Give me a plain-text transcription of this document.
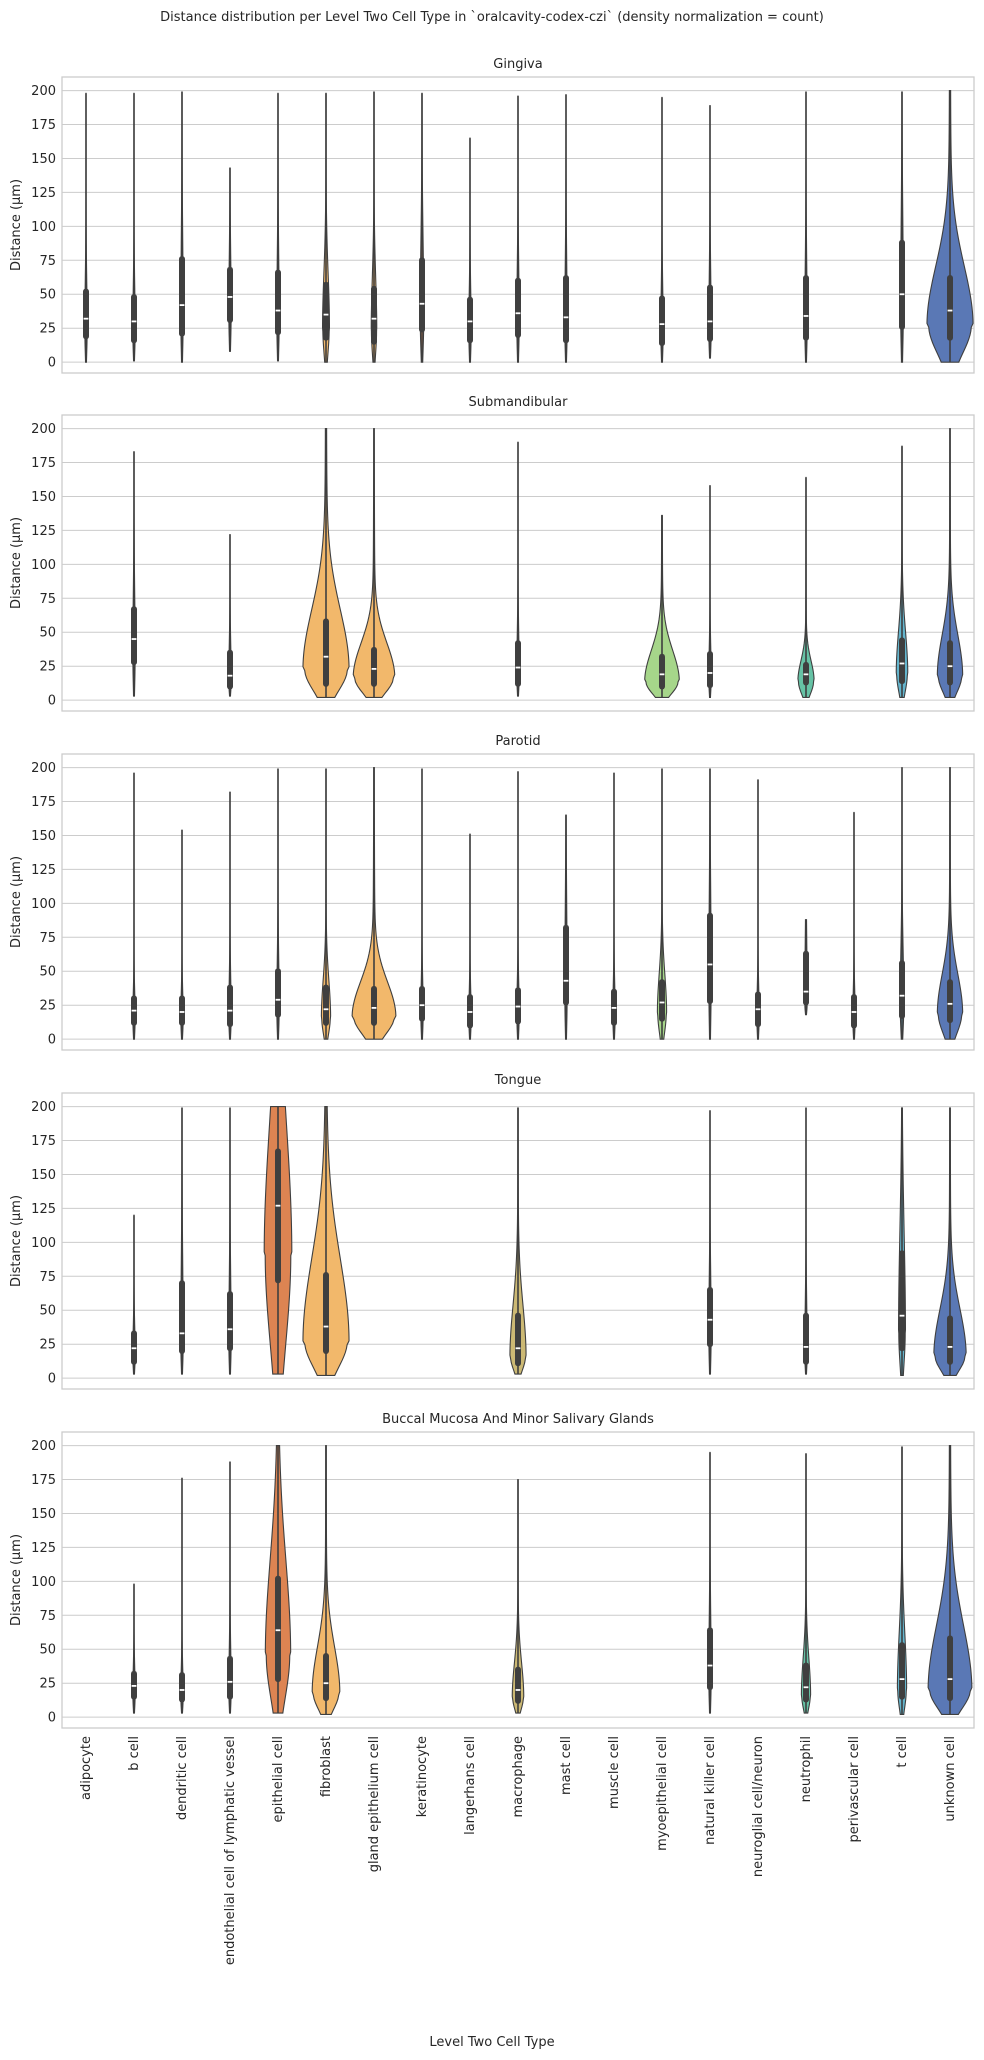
Distance distribution per Level Two Cell Type in `oralcavity-codex-czi` (density normalization = count)
0
25
50
75
100
125
150
175
200
Gingiva
Distance (µm)
0
25
50
75
100
125
150
175
200
Submandibular
Distance (µm)
0
25
50
75
100
125
150
175
200
Parotid
Distance (µm)
0
25
50
75
100
125
150
175
200
Tongue
Distance (µm)
0
25
50
75
100
125
150
175
200
Buccal Mucosa And Minor Salivary Glands
Distance (µm)
adipocyte	b cell	dendritic cell	endothelial cell of lymphatic vessel	epithelial cell	fibroblast	gland epithelium cell	keratinocyte	langerhans cell	macrophage	mast cell	muscle cell	myoepithelial cell	natural killer cell	neuroglial cell/neuron	neutrophil	perivascular cell	t cell	unknown cell
Level Two Cell Type
